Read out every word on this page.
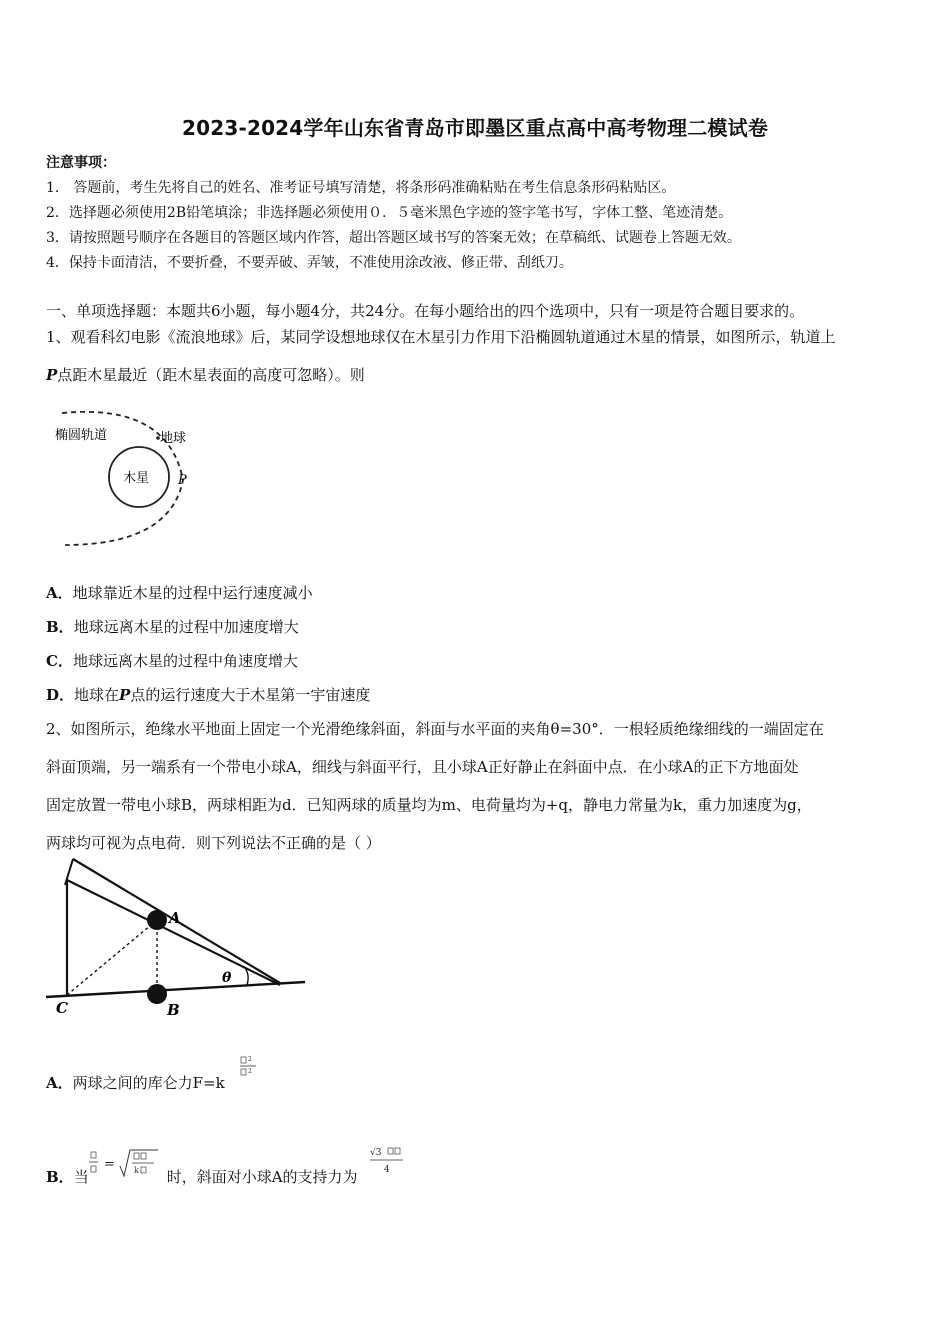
2023-2024学年山东省青岛市即墨区重点高中高考物理二模试卷
注意事项：
1． 答题前，考生先将自己的姓名、准考证号填写清楚，将条形码准确粘贴在考生信息条形码粘贴区。
2．选择题必须使用2B铅笔填涂；非选择题必须使用０．５毫米黑色字迹的签字笔书写，字体工整、笔迹清楚。
3．请按照题号顺序在各题目的答题区域内作答，超出答题区域书写的答案无效；在草稿纸、试题卷上答题无效。
4．保持卡面清洁，不要折叠，不要弄破、弄皱，不准使用涂改液、修正带、刮纸刀。
一、单项选择题：本题共6小题，每小题4分，共24分。在每小题给出的四个选项中，只有一项是符合题目要求的。
1、观看科幻电影《流浪地球》后，某同学设想地球仅在木星引力作用下沿椭圆轨道通过木星的情景，如图所示，轨道上
P点距木星最近（距木星表面的高度可忽略）。则
椭圆轨道	地球
木星 P
A．地球靠近木星的过程中运行速度减小
B．地球远离木星的过程中加速度增大
C．地球远离木星的过程中角速度增大
D．地球在P点的运行速度大于木星第一宇宙速度
2、如图所示，绝缘水平地面上固定一个光滑绝缘斜面，斜面与水平面的夹角θ=30°．一根轻质绝缘细线的一端固定在
斜面顶端，另一端系有一个带电小球A，细线与斜面平行，且小球A正好静止在斜面中点．在小球A的正下方地面处
固定放置一带电小球B，两球相距为d．已知两球的质量均为m、电荷量均为+q，静电力常量为k，重力加速度为g，
两球均可视为点电荷．则下列说法不正确的是（ ）
A
B
C
θ
A．两球之间的库仑力F=k
2
2
B．当	时，斜面对小球A的支持力为
= k
√3
4
